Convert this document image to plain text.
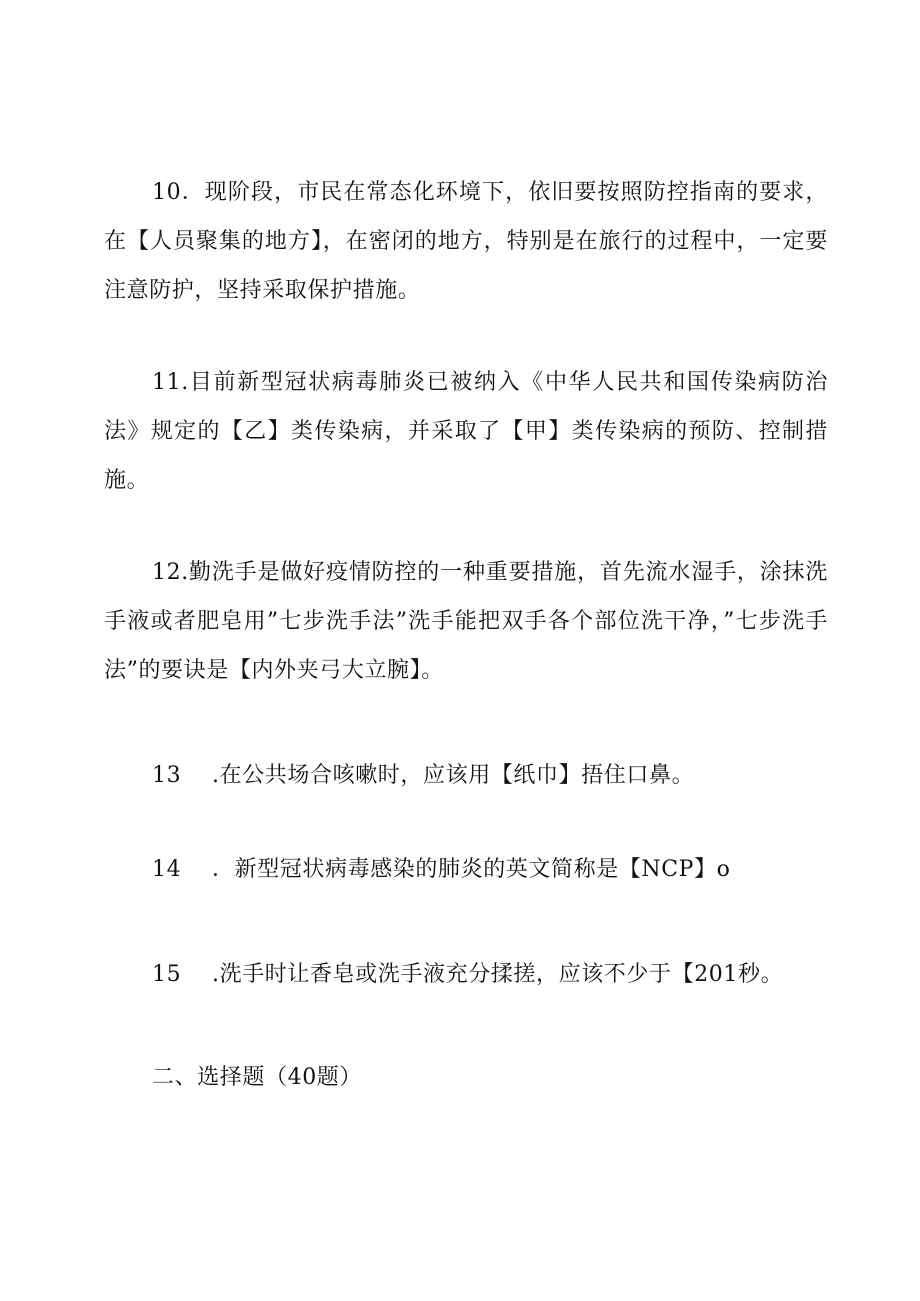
10．现阶段，市民在常态化环境下，依旧要按照防控指南的要求，在【人员聚集的地方】，在密闭的地方，特别是在旅行的过程中，一定要注意防护，坚持采取保护措施。

11.目前新型冠状病毒肺炎已被纳入《中华人民共和国传染病防治法》规定的【乙】类传染病，并采取了【甲】类传染病的预防、控制措施。

12.勤洗手是做好疫情防控的一种重要措施，首先流水湿手，涂抹洗手液或者肥皂用”七步洗手法”洗手能把双手各个部位洗干净，”七步洗手法”的要诀是【内外夹弓大立腕】。

13 .在公共场合咳嗽时，应该用【纸巾】捂住口鼻。

14 ．新型冠状病毒感染的肺炎的英文简称是【NCP】o

15 .洗手时让香皂或洗手液充分揉搓，应该不少于【201秒。

二、选择题（40题）
